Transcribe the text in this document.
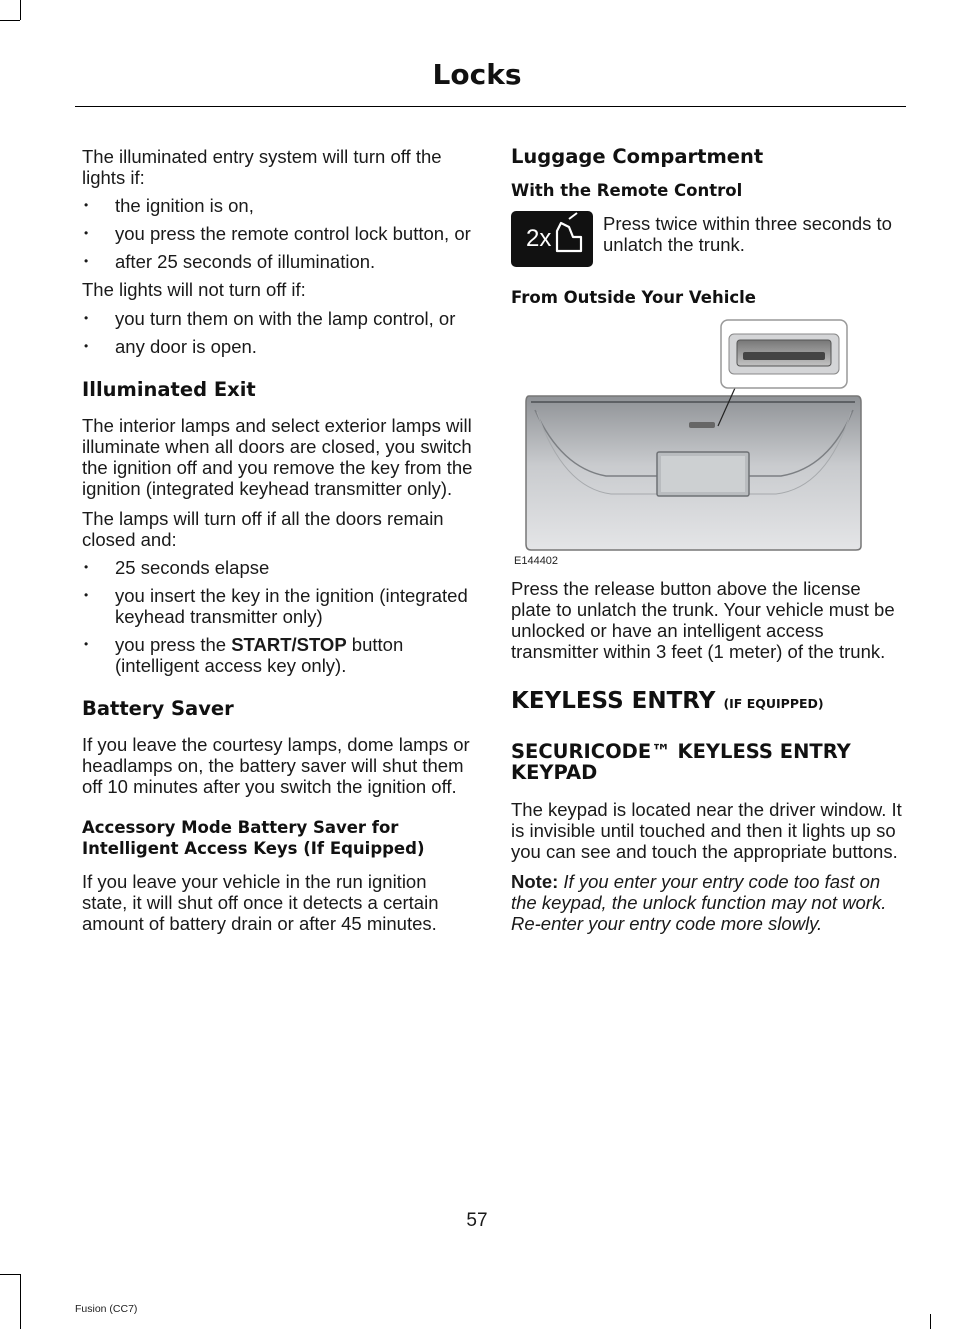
Locks

The illuminated entry system will turn off the lights if:

• the ignition is on,
• you press the remote control lock button, or
• after 25 seconds of illumination.

The lights will not turn off if:

• you turn them on with the lamp control, or
• any door is open.
Illuminated Exit

The interior lamps and select exterior lamps will illuminate when all doors are closed, you switch the ignition off and you remove the key from the ignition (integrated keyhead transmitter only).

The lamps will turn off if all the doors remain closed and:

• 25 seconds elapse
• you insert the key in the ignition (integrated keyhead transmitter only)
• you press the START/STOP button (intelligent access key only).
Battery Saver

If you leave the courtesy lamps, dome lamps or headlamps on, the battery saver will shut them off 10 minutes after you switch the ignition off.

Accessory Mode Battery Saver for Intelligent Access Keys (If Equipped)

If you leave your vehicle in the run ignition state, it will shut off once it detects a certain amount of battery drain or after 45 minutes.

Luggage Compartment
With the Remote Control
2x

Press twice within three seconds to unlatch the trunk.

From Outside Your Vehicle
E144402

Press the release button above the license plate to unlatch the trunk. Your vehicle must be unlocked or have an intelligent access transmitter within 3 feet (1 meter) of the trunk.

KEYLESS ENTRY (IF EQUIPPED)
SECURICODE™ KEYLESS ENTRY KEYPAD

The keypad is located near the driver window. It is invisible until touched and then it lights up so you can see and touch the appropriate buttons.

Note: If you enter your entry code too fast on the keypad, the unlock function may not work. Re-enter your entry code more slowly.

57
Fusion (CC7)
